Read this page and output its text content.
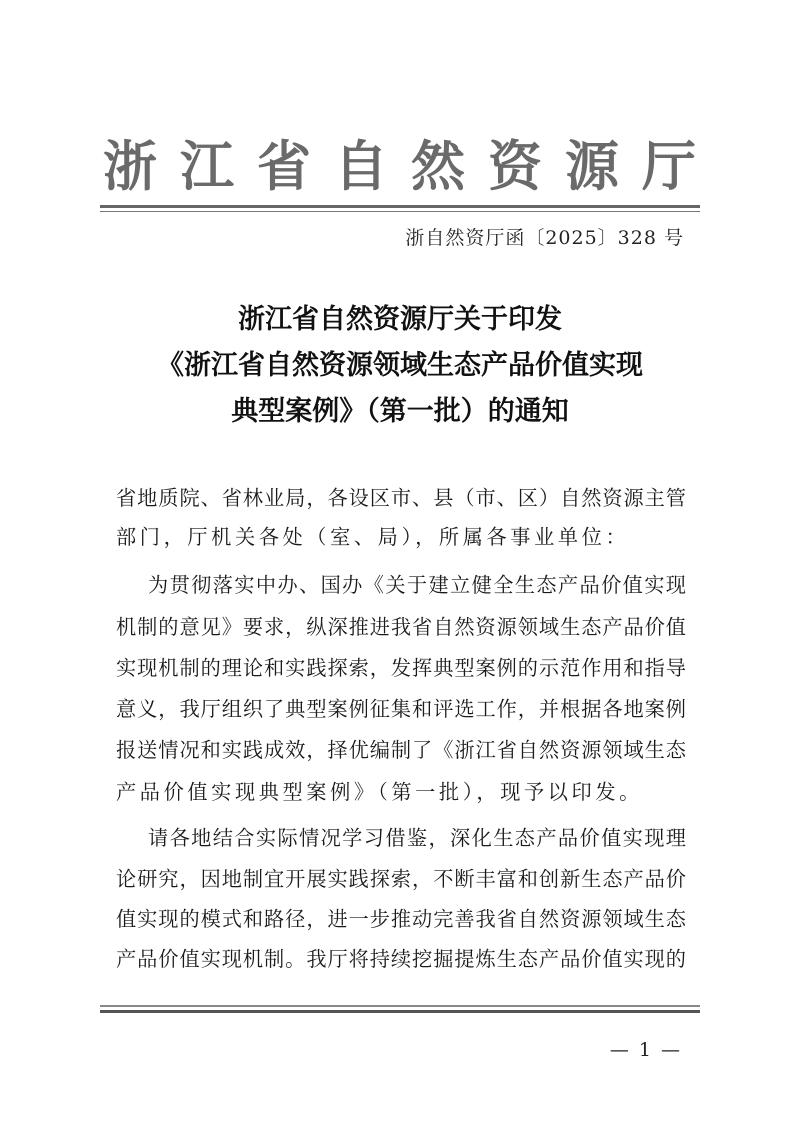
浙 江 省 自 然 资 源 厅
浙自然资厅函〔2025〕328 号
浙江省自然资源厅关于印发
《浙江省自然资源领域生态产品价值实现
典型案例》（第一批）的通知
省地质院、省林业局，各设区市、县（市、区）自然资源主管
部门，厅机关各处（室、局），所属各事业单位：
为贯彻落实中办、国办《关于建立健全生态产品价值实现
机制的意见》要求，纵深推进我省自然资源领域生态产品价值
实现机制的理论和实践探索，发挥典型案例的示范作用和指导
意义，我厅组织了典型案例征集和评选工作，并根据各地案例
报送情况和实践成效，择优编制了《浙江省自然资源领域生态
产品价值实现典型案例》（第一批），现予以印发。
请各地结合实际情况学习借鉴，深化生态产品价值实现理
论研究，因地制宜开展实践探索，不断丰富和创新生态产品价
值实现的模式和路径，进一步推动完善我省自然资源领域生态
产品价值实现机制。我厅将持续挖掘提炼生态产品价值实现的
— 1 —
